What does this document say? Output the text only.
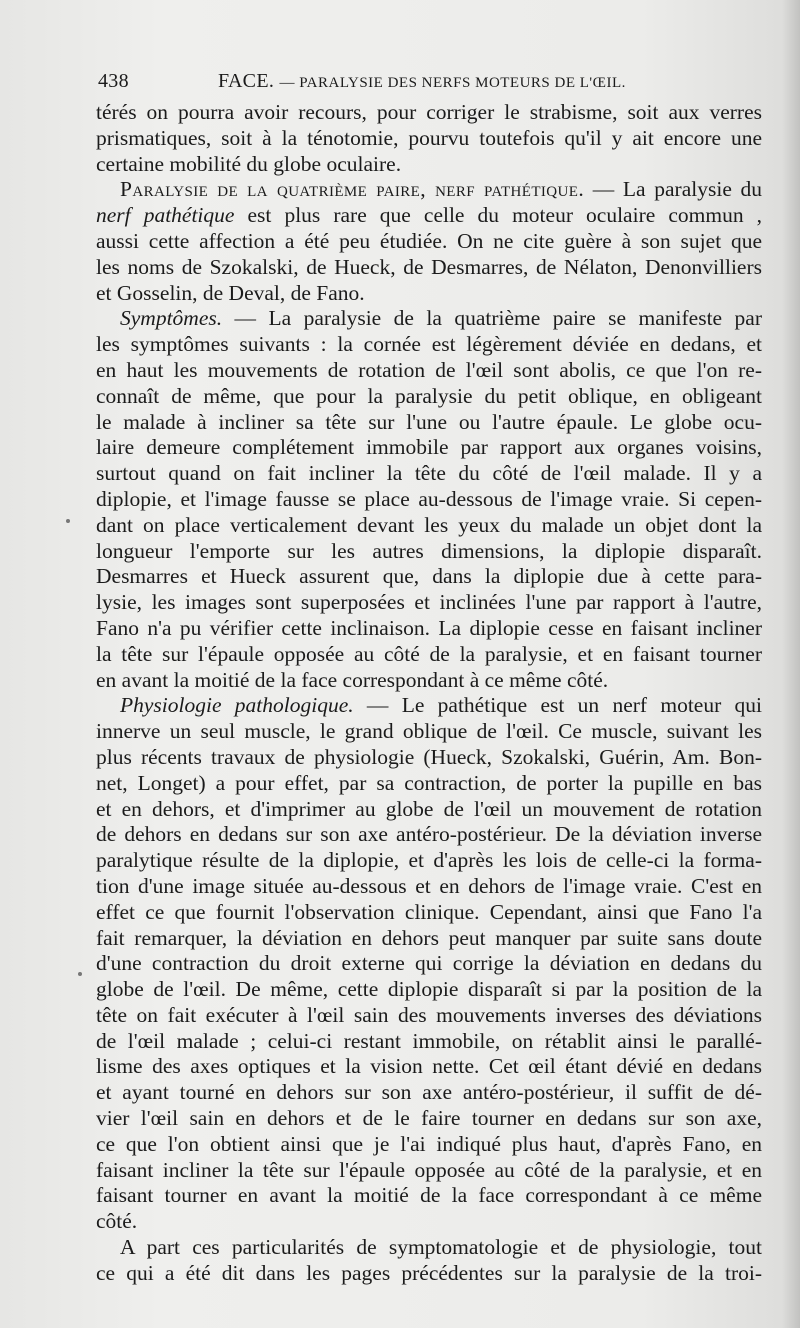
438	FACE. — PARALYSIE DES NERFS MOTEURS DE L'ŒIL.
térés on pourra avoir recours, pour corriger le strabisme, soit aux verres
prismatiques, soit à la ténotomie, pourvu toutefois qu'il y ait encore une
certaine mobilité du globe oculaire.
Paralysie de la quatrième paire, nerf pathétique. — La paralysie du
nerf pathétique est plus rare que celle du moteur oculaire commun ,
aussi cette affection a été peu étudiée. On ne cite guère à son sujet que
les noms de Szokalski, de Hueck, de Desmarres, de Nélaton, Denonvilliers
et Gosselin, de Deval, de Fano.
Symptômes. — La paralysie de la quatrième paire se manifeste par
les symptômes suivants : la cornée est légèrement déviée en dedans, et
en haut les mouvements de rotation de l'œil sont abolis, ce que l'on re-
connaît de même, que pour la paralysie du petit oblique, en obligeant
le malade à incliner sa tête sur l'une ou l'autre épaule. Le globe ocu-
laire demeure complétement immobile par rapport aux organes voisins,
surtout quand on fait incliner la tête du côté de l'œil malade. Il y a
diplopie, et l'image fausse se place au-dessous de l'image vraie. Si cepen-
dant on place verticalement devant les yeux du malade un objet dont la
longueur l'emporte sur les autres dimensions, la diplopie disparaît.
Desmarres et Hueck assurent que, dans la diplopie due à cette para-
lysie, les images sont superposées et inclinées l'une par rapport à l'autre,
Fano n'a pu vérifier cette inclinaison. La diplopie cesse en faisant incliner
la tête sur l'épaule opposée au côté de la paralysie, et en faisant tourner
en avant la moitié de la face correspondant à ce même côté.
Physiologie pathologique. — Le pathétique est un nerf moteur qui
innerve un seul muscle, le grand oblique de l'œil. Ce muscle, suivant les
plus récents travaux de physiologie (Hueck, Szokalski, Guérin, Am. Bon-
net, Longet) a pour effet, par sa contraction, de porter la pupille en bas
et en dehors, et d'imprimer au globe de l'œil un mouvement de rotation
de dehors en dedans sur son axe antéro-postérieur. De la déviation inverse
paralytique résulte de la diplopie, et d'après les lois de celle-ci la forma-
tion d'une image située au-dessous et en dehors de l'image vraie. C'est en
effet ce que fournit l'observation clinique. Cependant, ainsi que Fano l'a
fait remarquer, la déviation en dehors peut manquer par suite sans doute
d'une contraction du droit externe qui corrige la déviation en dedans du
globe de l'œil. De même, cette diplopie disparaît si par la position de la
tête on fait exécuter à l'œil sain des mouvements inverses des déviations
de l'œil malade ; celui-ci restant immobile, on rétablit ainsi le parallé-
lisme des axes optiques et la vision nette. Cet œil étant dévié en dedans
et ayant tourné en dehors sur son axe antéro-postérieur, il suffit de dé-
vier l'œil sain en dehors et de le faire tourner en dedans sur son axe,
ce que l'on obtient ainsi que je l'ai indiqué plus haut, d'après Fano, en
faisant incliner la tête sur l'épaule opposée au côté de la paralysie, et en
faisant tourner en avant la moitié de la face correspondant à ce même
côté.
A part ces particularités de symptomatologie et de physiologie, tout
ce qui a été dit dans les pages précédentes sur la paralysie de la troi-
